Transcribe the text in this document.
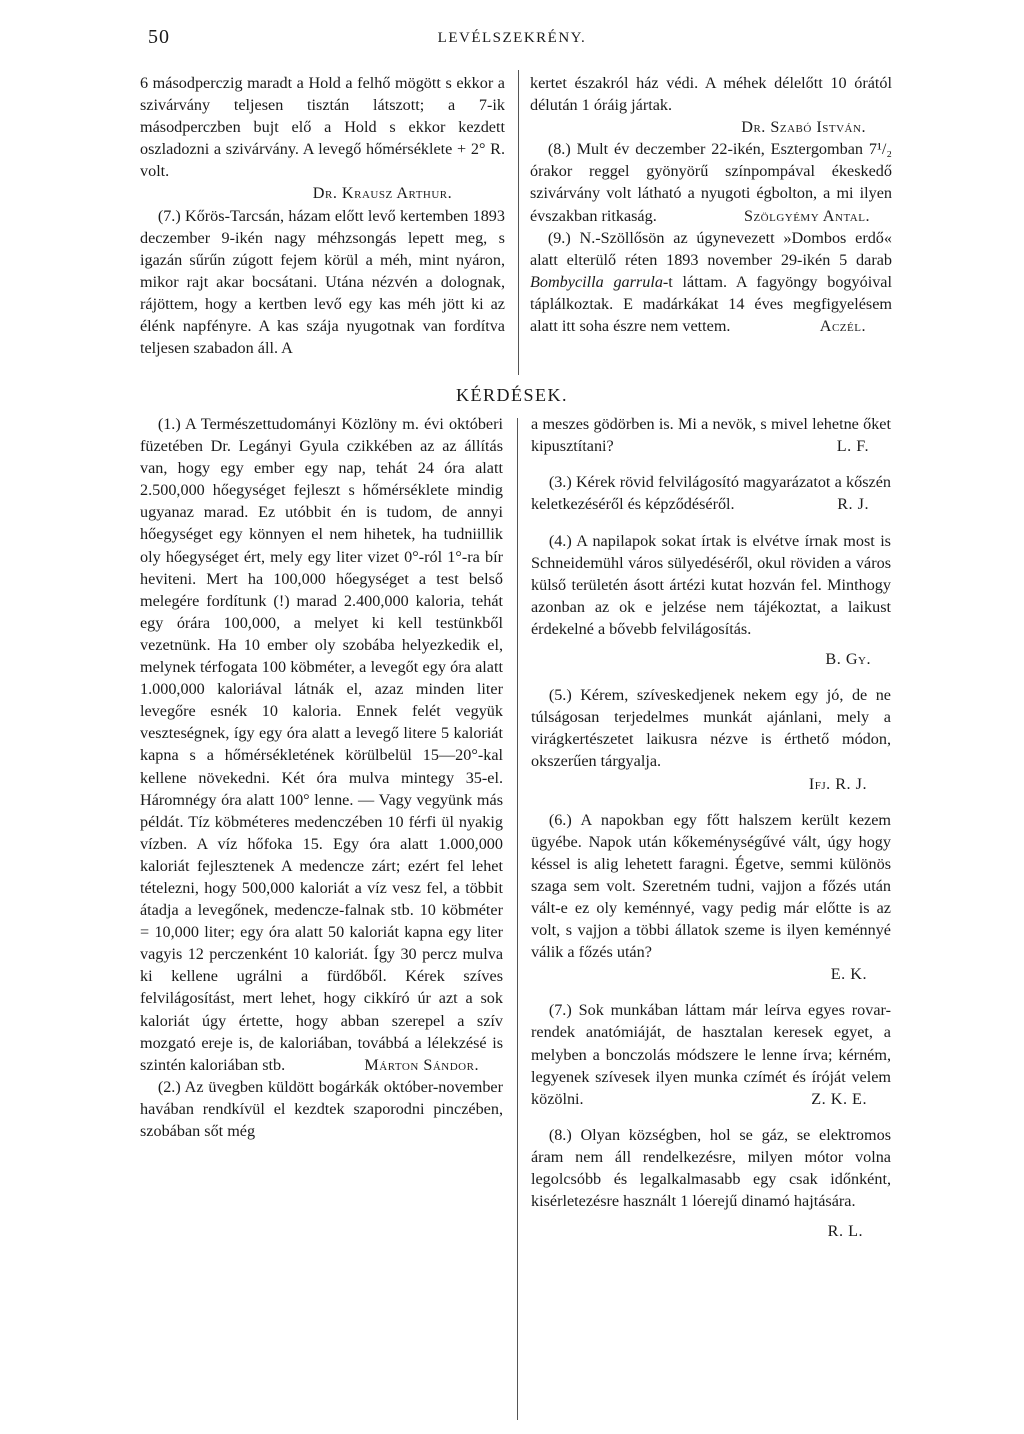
50	LEVÉLSZEKRÉNY.

6 másodperczig maradt a Hold a felhő mögött s ekkor a szivárvány teljesen tisztán látszott; a 7-ik másodperczben bujt elő a Hold s ekkor kezdett oszladozni a szivárvány. A levegő hőmérséklete + 2° R. volt.

Dr. Krausz Arthur.

(7.) Kőrös-Tarcsán, házam előtt levő kertemben 1893 deczember 9-ikén nagy méhzsongás lepett meg, s igazán sűrűn zúgott fejem körül a méh, mint nyáron, mikor rajt akar bocsátani. Utána nézvén a dolognak, rájöttem, hogy a kertben levő egy kas méh jött ki az élénk napfényre. A kas szája nyugotnak van fordítva teljesen szabadon áll. A

kertet északról ház védi. A méhek délelőtt 10 órától délután 1 óráig jártak.

Dr. Szabó István.

(8.) Mult év deczember 22-ikén, Esztergomban 7¹/₂ órakor reggel gyönyörű színpompával ékeskedő szivárvány volt látható a nyugoti égbolton, a mi ilyen évszakban ritkaság.	Szölgyémy Antal.

(9.) N.-Szöllősön az úgynevezett »Dombos erdő« alatt elterülő réten 1893 november 29-ikén 5 darab Bombycilla garrula-t láttam. A fagyöngy bogyóival táplálkoztak. E madárkákat 14 éves megfigyelésem alatt itt soha észre nem vettem.	Aczél.

KÉRDÉSEK.

(1.) A Természettudományi Közlöny m. évi októberi füzetében Dr. Legányi Gyula czikkében az az állítás van, hogy egy ember egy nap, tehát 24 óra alatt 2.500,000 hőegységet fejleszt s hőmérséklete mindig ugyanaz marad. Ez utóbbit én is tudom, de annyi hőegységet egy könnyen el nem hihetek, ha tudniillik oly hőegységet ért, mely egy liter vizet 0°-ról 1°-ra bír heviteni. Mert ha 100,000 hőegységet a test belső melegére fordítunk (!) marad 2.400,000 kaloria, tehát egy órára 100,000, a melyet ki kell testünkből vezetnünk. Ha 10 ember oly szobába helyezkedik el, melynek térfogata 100 köbméter, a levegőt egy óra alatt 1.000,000 kaloriával látnák el, azaz minden liter levegőre esnék 10 kaloria. Ennek felét vegyük veszteségnek, így egy óra alatt a levegő litere 5 kaloriát kapna s a hőmérsékletének körülbelül 15—20°-kal kellene növekedni. Két óra mulva mintegy 35-el. Háromnégy óra alatt 100° lenne. — Vagy vegyünk más példát. Tíz köbméteres medenczében 10 férfi ül nyakig vízben. A víz hőfoka 15. Egy óra alatt 1.000,000 kaloriát fejlesztenek A medencze zárt; ezért fel lehet tételezni, hogy 500,000 kaloriát a víz vesz fel, a többit átadja a levegőnek, medencze-falnak stb. 10 köbméter = 10,000 liter; egy óra alatt 50 kaloriát kapna egy liter vagyis 12 perczenként 10 kaloriát. Így 30 percz mulva ki kellene ugrálni a fürdőből. Kérek szíves felvilágosítást, mert lehet, hogy cikkíró úr azt a sok kaloriát úgy értette, hogy abban szerepel a szív mozgató ereje is, de kaloriában, továbbá a lélekzésé is szintén kaloriában stb.	Márton Sándor.

(2.) Az üvegben küldött bogárkák október-november havában rendkívül el kezdtek szaporodni pinczében, szobában sőt még

a meszes gödörben is. Mi a nevök, s mivel lehetne őket kipusztítani?	L. F.

(3.) Kérek rövid felvilágosító magyarázatot a kőszén keletkezéséről és képződéséről.	R. J.

(4.) A napilapok sokat írtak is elvétve írnak most is Schneidemühl város sülyedéséről, okul röviden a város külső területén ásott ártézi kutat hozván fel. Minthogy azonban az ok e jelzése nem tájékoztat, a laikust érdekelné a bővebb felvilágosítás.

B. Gy.

(5.) Kérem, szíveskedjenek nekem egy jó, de ne túlságosan terjedelmes munkát ajánlani, mely a virágkertészetet laikusra nézve is érthető módon, okszerűen tárgyalja.

Ifj. R. J.

(6.) A napokban egy főtt halszem került kezem ügyébe. Napok után kőkeménységűvé vált, úgy hogy késsel is alig lehetett faragni. Égetve, semmi különös szaga sem volt. Szeretném tudni, vajjon a főzés után vált-e ez oly keménnyé, vagy pedig már előtte is az volt, s vajjon a többi állatok szeme is ilyen keménnyé válik a főzés után?

E. K.

(7.) Sok munkában láttam már leírva egyes rovar-rendek anatómiáját, de hasztalan keresek egyet, a melyben a bonczolás módszere le lenne írva; kérném, legyenek szívesek ilyen munka czímét és íróját velem közölni.	Z. K. E.

(8.) Olyan községben, hol se gáz, se elektromos áram nem áll rendelkezésre, milyen mótor volna legolcsóbb és legalkalmasabb egy csak időnként, kisérletezésre használt 1 lóerejű dinamó hajtására.

R. L.
